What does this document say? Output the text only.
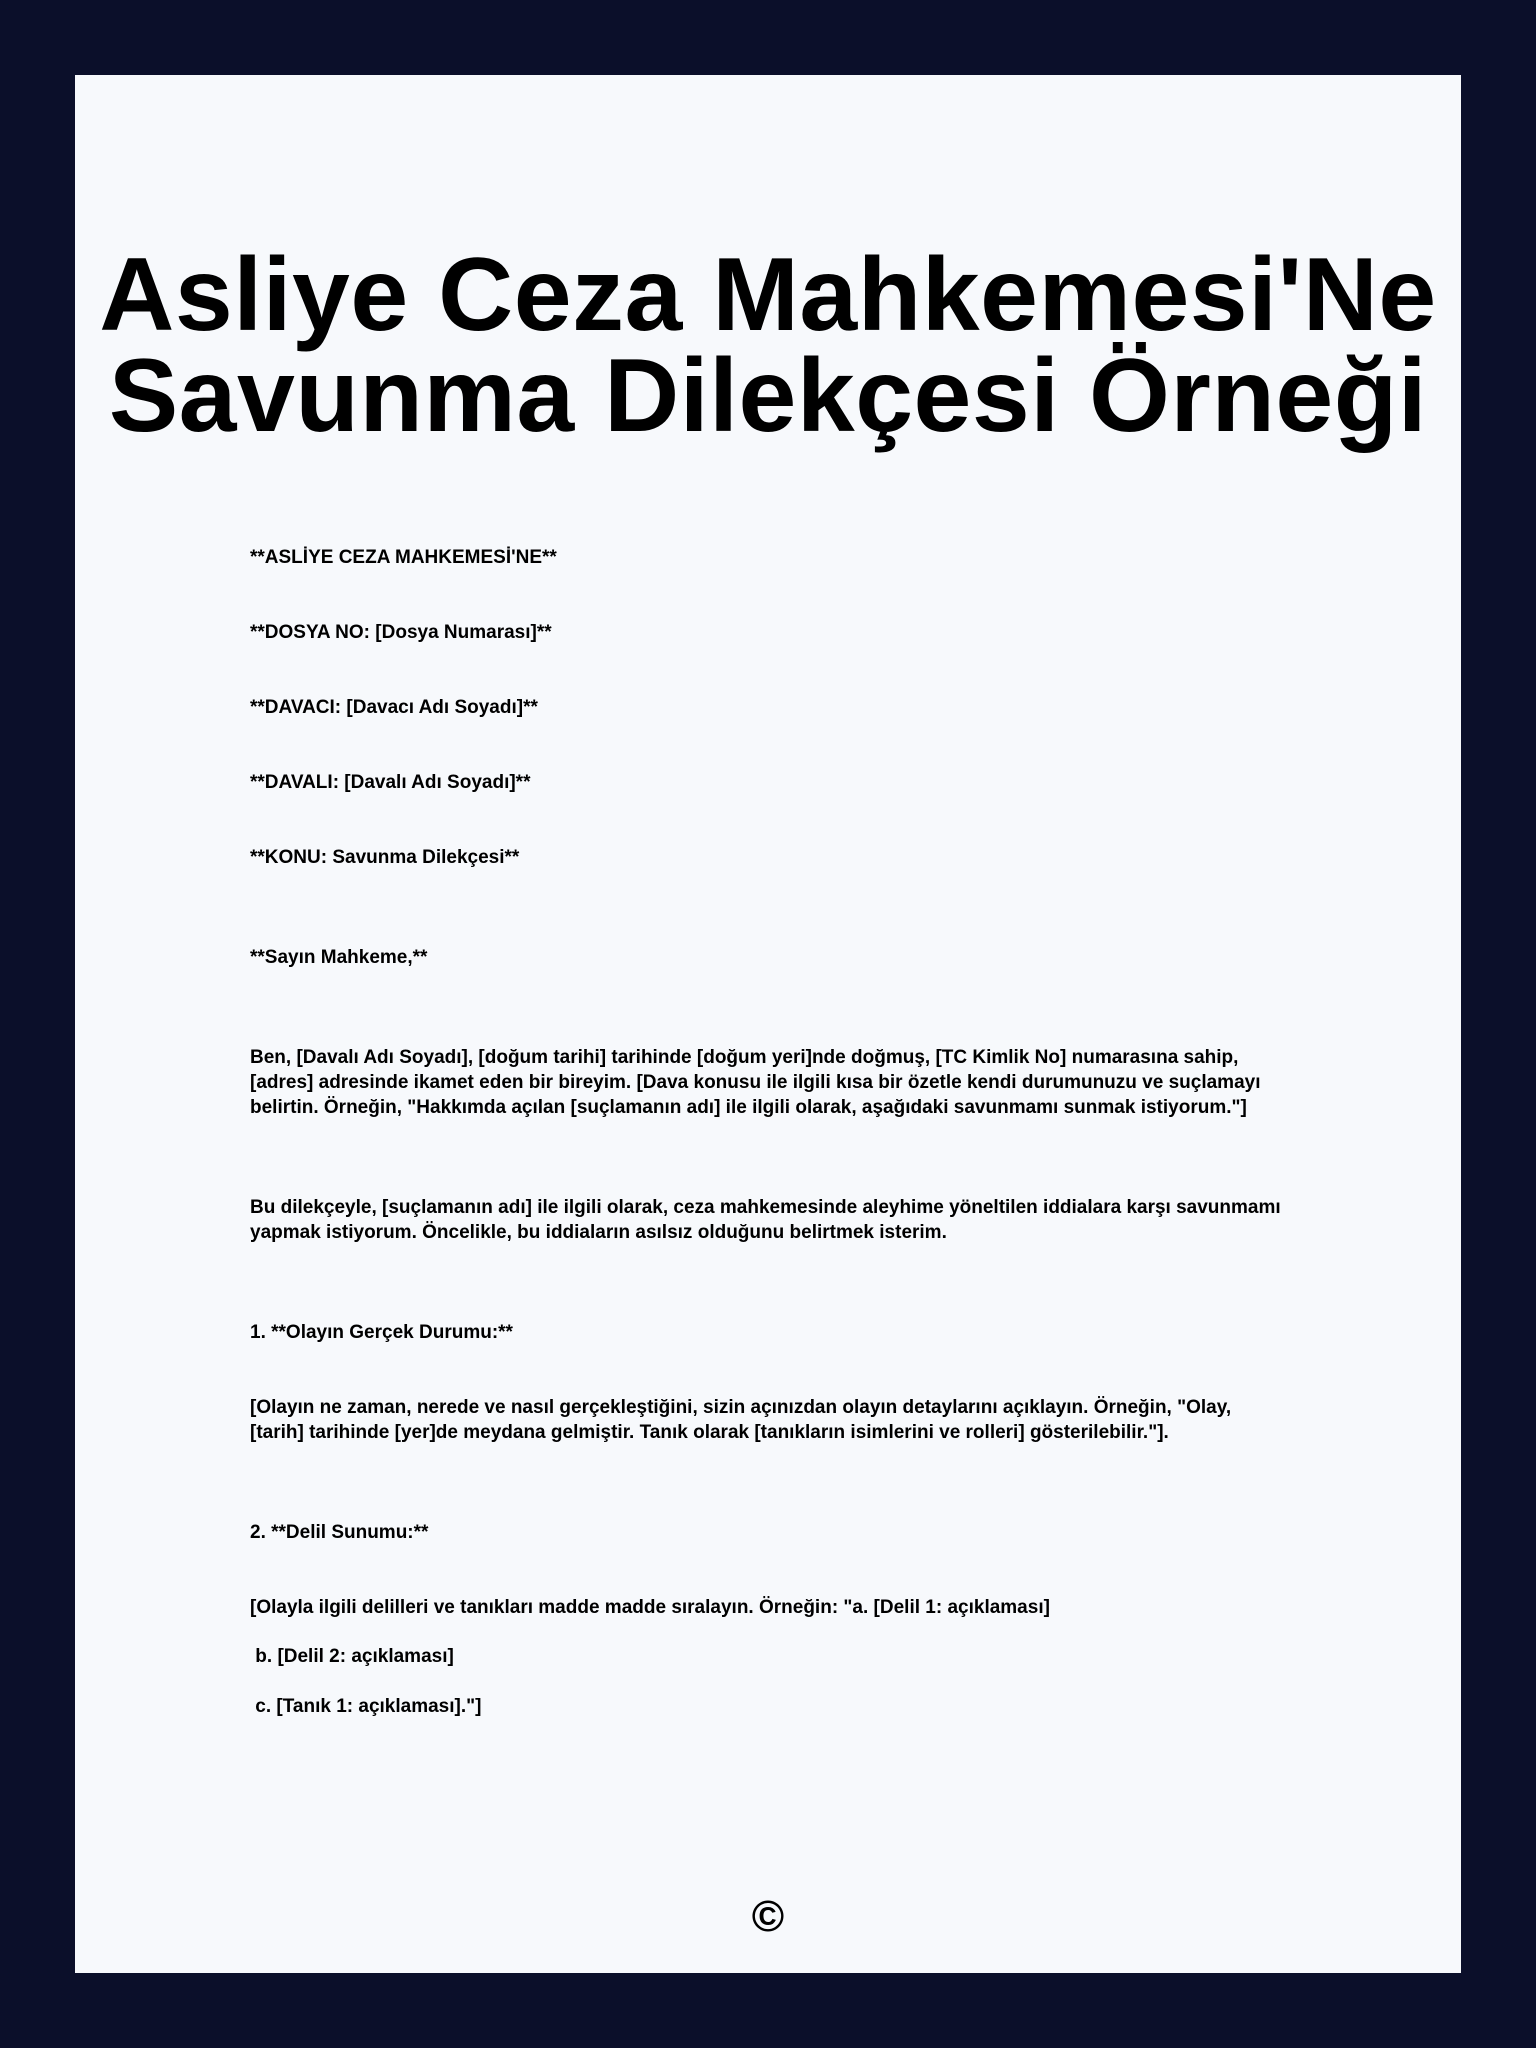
Asliye Ceza Mahkemesi'Ne
Savunma Dilekçesi Örneği

**ASLİYE CEZA MAHKEMESİ'NE**

**DOSYA NO: [Dosya Numarası]**

**DAVACI: [Davacı Adı Soyadı]**

**DAVALI: [Davalı Adı Soyadı]**

**KONU: Savunma Dilekçesi**

**Sayın Mahkeme,**

Ben, [Davalı Adı Soyadı], [doğum tarihi] tarihinde [doğum yeri]nde doğmuş, [TC Kimlik No] numarasına sahip, [adres] adresinde ikamet eden bir bireyim. [Dava konusu ile ilgili kısa bir özetle kendi durumunuzu ve suçlamayı belirtin. Örneğin, "Hakkımda açılan [suçlamanın adı] ile ilgili olarak, aşağıdaki savunmamı sunmak istiyorum."]

Bu dilekçeyle, [suçlamanın adı] ile ilgili olarak, ceza mahkemesinde aleyhime yöneltilen iddialara karşı savunmamı yapmak istiyorum. Öncelikle, bu iddiaların asılsız olduğunu belirtmek isterim.

1. **Olayın Gerçek Durumu:**

[Olayın ne zaman, nerede ve nasıl gerçekleştiğini, sizin açınızdan olayın detaylarını açıklayın. Örneğin, "Olay, [tarih] tarihinde [yer]de meydana gelmiştir. Tanık olarak [tanıkların isimlerini ve rolleri] gösterilebilir."].

2. **Delil Sunumu:**

[Olayla ilgili delilleri ve tanıkları madde madde sıralayın. Örneğin: "a. [Delil 1: açıklaması]

b. [Delil 2: açıklaması]

c. [Tanık 1: açıklaması]."]

©
